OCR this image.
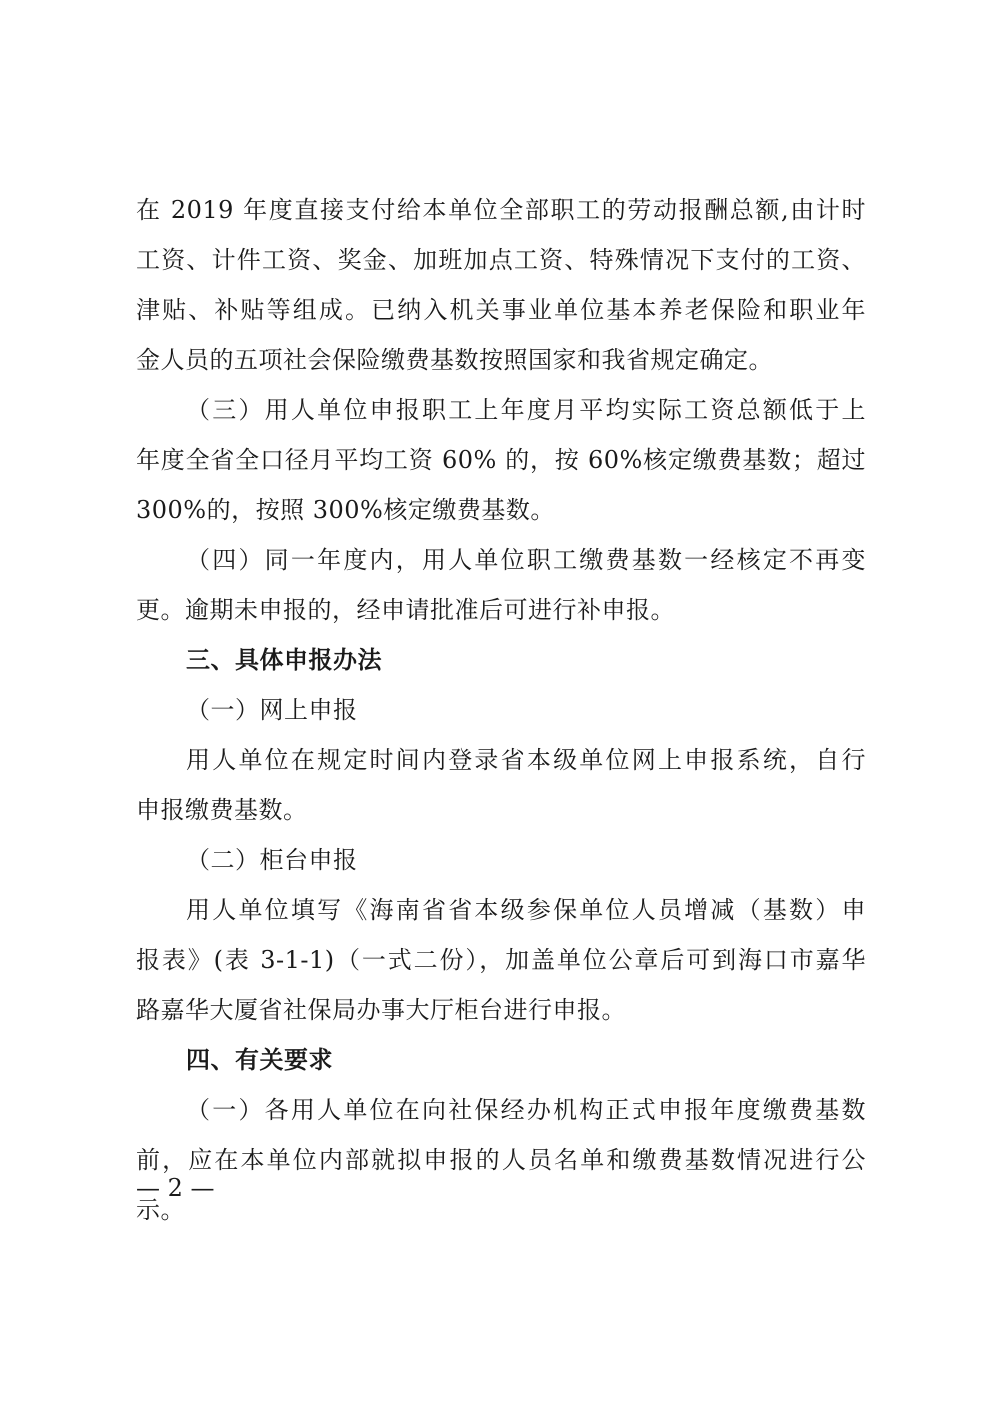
在 2019 年度直接支付给本单位全部职工的劳动报酬总额,由计时
工资、计件工资、奖金、加班加点工资、特殊情况下支付的工资、
津贴、补贴等组成。已纳入机关事业单位基本养老保险和职业年
金人员的五项社会保险缴费基数按照国家和我省规定确定。
（三）用人单位申报职工上年度月平均实际工资总额低于上
年度全省全口径月平均工资 60% 的，按 60%核定缴费基数；超过
300%的，按照 300%核定缴费基数。
（四）同一年度内，用人单位职工缴费基数一经核定不再变
更。逾期未申报的，经申请批准后可进行补申报。
三、具体申报办法
（一）网上申报
用人单位在规定时间内登录省本级单位网上申报系统，自行
申报缴费基数。
（二）柜台申报
用人单位填写《海南省省本级参保单位人员增减（基数）申
报表》(表 3-1-1)（一式二份），加盖单位公章后可到海口市嘉华
路嘉华大厦省社保局办事大厅柜台进行申报。
四、有关要求
（一）各用人单位在向社保经办机构正式申报年度缴费基数
前，应在本单位内部就拟申报的人员名单和缴费基数情况进行公
示。
— 2 —
